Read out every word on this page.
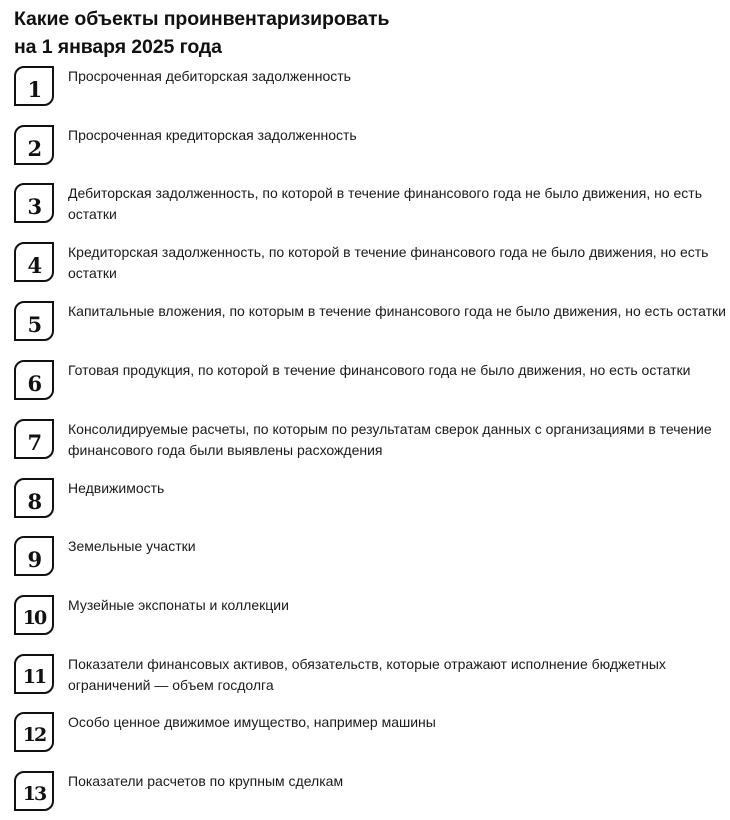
Какие объекты проинвентаризировать
на 1 января 2025 года
1
Просроченная дебиторская задолженность
2
Просроченная кредиторская задолженность
3
Дебиторская задолженность, по которой в течение финансового года не было движения, но есть остатки
4
Кредиторская задолженность, по которой в течение финансового года не было движения, но есть остатки
5
Капитальные вложения, по которым в течение финансового года не было движения, но есть остатки
6
Готовая продукция, по которой в течение финансового года не было движения, но есть остатки
7
Консолидируемые расчеты, по которым по результатам сверок данных с организациями в течение финансового года были выявлены расхождения
8
Недвижимость
9
Земельные участки
10
Музейные экспонаты и коллекции
11
Показатели финансовых активов, обязательств, которые отражают исполнение бюджетных ограничений — объем госдолга
12
Особо ценное движимое имущество, например машины
13
Показатели расчетов по крупным сделкам
